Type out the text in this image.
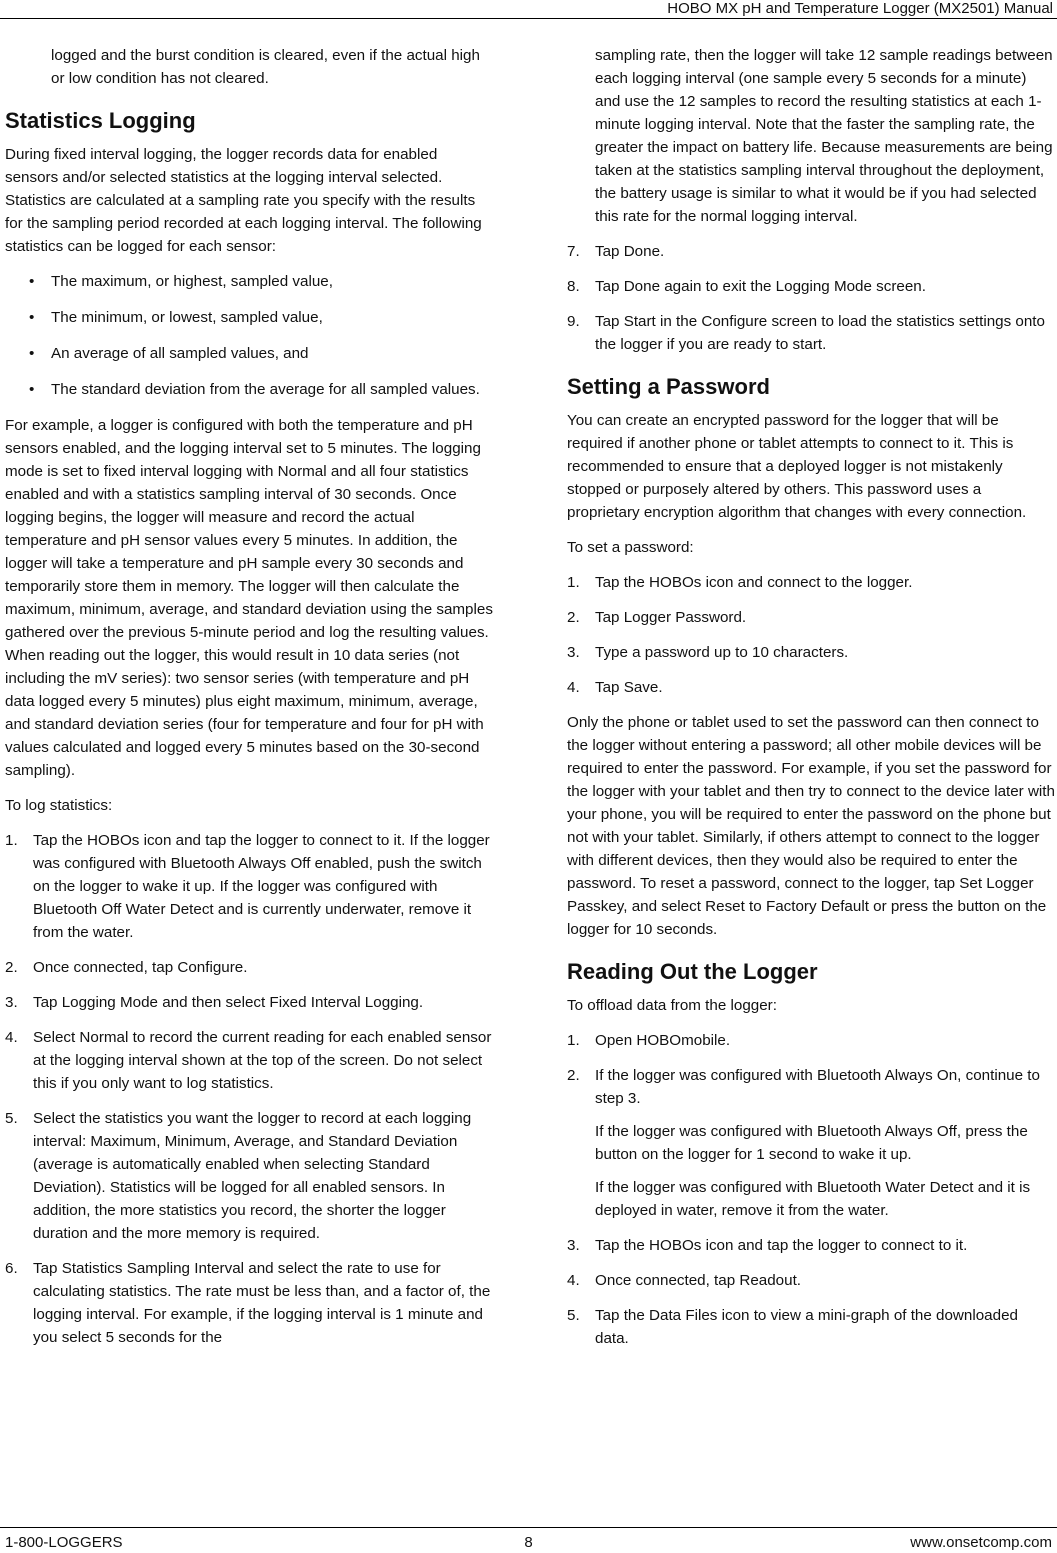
HOBO MX pH and Temperature Logger (MX2501) Manual

logged and the burst condition is cleared, even if the actual high or low condition has not cleared.

Statistics Logging

During fixed interval logging, the logger records data for enabled sensors and/or selected statistics at the logging interval selected. Statistics are calculated at a sampling rate you specify with the results for the sampling period recorded at each logging interval. The following statistics can be logged for each sensor:

• The maximum, or highest, sampled value,
• The minimum, or lowest, sampled value,
• An average of all sampled values, and
• The standard deviation from the average for all sampled values.

For example, a logger is configured with both the temperature and pH sensors enabled, and the logging interval set to 5 minutes. The logging mode is set to fixed interval logging with Normal and all four statistics enabled and with a statistics sampling interval of 30 seconds. Once logging begins, the logger will measure and record the actual temperature and pH sensor values every 5 minutes. In addition, the logger will take a temperature and pH sample every 30 seconds and temporarily store them in memory. The logger will then calculate the maximum, minimum, average, and standard deviation using the samples gathered over the previous 5-minute period and log the resulting values. When reading out the logger, this would result in 10 data series (not including the mV series): two sensor series (with temperature and pH data logged every 5 minutes) plus eight maximum, minimum, average, and standard deviation series (four for temperature and four for pH with values calculated and logged every 5 minutes based on the 30-second sampling).

To log statistics:

1. Tap the HOBOs icon and tap the logger to connect to it. If the logger was configured with Bluetooth Always Off enabled, push the switch on the logger to wake it up. If the logger was configured with Bluetooth Off Water Detect and is currently underwater, remove it from the water.
2. Once connected, tap Configure.
3. Tap Logging Mode and then select Fixed Interval Logging.
4. Select Normal to record the current reading for each enabled sensor at the logging interval shown at the top of the screen. Do not select this if you only want to log statistics.
5. Select the statistics you want the logger to record at each logging interval: Maximum, Minimum, Average, and Standard Deviation (average is automatically enabled when selecting Standard Deviation). Statistics will be logged for all enabled sensors. In addition, the more statistics you record, the shorter the logger duration and the more memory is required.
6. Tap Statistics Sampling Interval and select the rate to use for calculating statistics. The rate must be less than, and a factor of, the logging interval. For example, if the logging interval is 1 minute and you select 5 seconds for the

sampling rate, then the logger will take 12 sample readings between each logging interval (one sample every 5 seconds for a minute) and use the 12 samples to record the resulting statistics at each 1-minute logging interval. Note that the faster the sampling rate, the greater the impact on battery life. Because measurements are being taken at the statistics sampling interval throughout the deployment, the battery usage is similar to what it would be if you had selected this rate for the normal logging interval.

7. Tap Done.
8. Tap Done again to exit the Logging Mode screen.
9. Tap Start in the Configure screen to load the statistics settings onto the logger if you are ready to start.
Setting a Password

You can create an encrypted password for the logger that will be required if another phone or tablet attempts to connect to it. This is recommended to ensure that a deployed logger is not mistakenly stopped or purposely altered by others. This password uses a proprietary encryption algorithm that changes with every connection.

To set a password:

1. Tap the HOBOs icon and connect to the logger.
2. Tap Logger Password.
3. Type a password up to 10 characters.
4. Tap Save.

Only the phone or tablet used to set the password can then connect to the logger without entering a password; all other mobile devices will be required to enter the password. For example, if you set the password for the logger with your tablet and then try to connect to the device later with your phone, you will be required to enter the password on the phone but not with your tablet. Similarly, if others attempt to connect to the logger with different devices, then they would also be required to enter the password. To reset a password, connect to the logger, tap Set Logger Passkey, and select Reset to Factory Default or press the button on the logger for 10 seconds.

Reading Out the Logger

To offload data from the logger:

1. Open HOBOmobile.
2. If the logger was configured with Bluetooth Always On, continue to step 3.

If the logger was configured with Bluetooth Always Off, press the button on the logger for 1 second to wake it up.

If the logger was configured with Bluetooth Water Detect and it is deployed in water, remove it from the water.

3. Tap the HOBOs icon and tap the logger to connect to it.
4. Once connected, tap Readout.
5. Tap the Data Files icon to view a mini-graph of the downloaded data.
1-800-LOGGERS	8	www.onsetcomp.com
